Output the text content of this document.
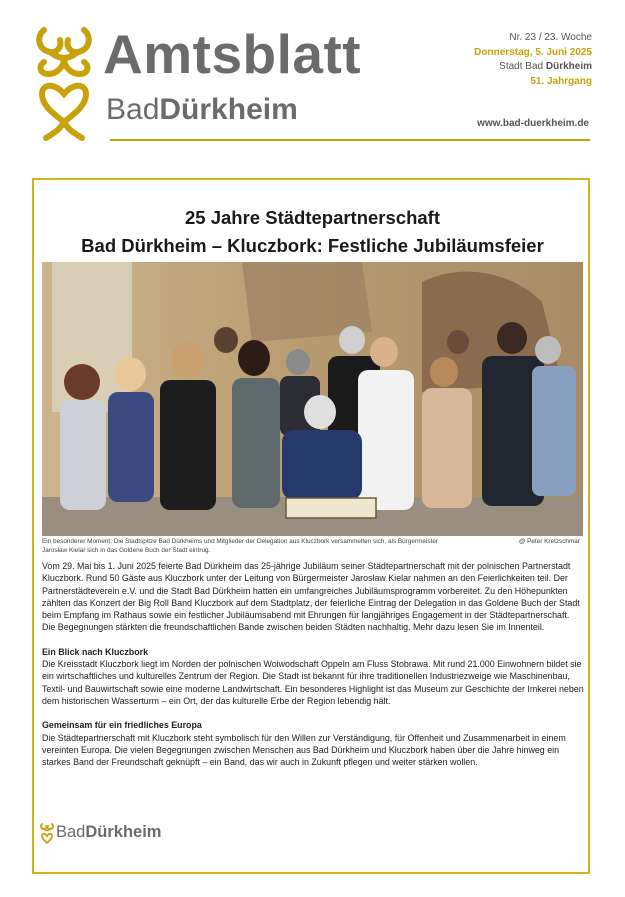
Amtsblatt
BadDürkheim
Nr. 23 / 23. Woche
Donnerstag, 5. Juni 2025
Stadt Bad Dürkheim
51. Jahrgang
www.bad-duerkheim.de
25 Jahre Städtepartnerschaft
Bad Dürkheim – Kluczbork: Festliche Jubiläumsfeier
Ein besonderer Moment: Die Stadtspitze Bad Dürkheims und Mitglieder der Delegation aus Kluczbork versammelten sich, als Bürgermeister Jarosław Kielar sich in das Goldene Buch der Stadt eintrug.
@ Peter Kretzschmar

Vom 29. Mai bis 1. Juni 2025 feierte Bad Dürkheim das 25-jährige Jubiläum seiner Städtepartnerschaft mit der polnischen Partnerstadt Kluczbork. Rund 50 Gäste aus Kluczbork unter der Leitung von Bürgermeister Jarosław Kielar nahmen an den Feierlichkeiten teil. Der Partnerstädteverein e.V. und die Stadt Bad Dürkheim hatten ein umfangreiches Jubiläumsprogramm vorbereitet. Zu den Höhepunkten zählten das Konzert der Big Roll Band Kluczbork auf dem Stadtplatz, der feierliche Eintrag der Delegation in das Goldene Buch der Stadt beim Empfang im Rathaus sowie ein festlicher Jubiläumsabend mit Ehrungen für langjähriges Engagement in der Städtepartnerschaft. Die Begegnungen stärkten die freundschaftlichen Bande zwischen beiden Städten nachhaltig. Mehr dazu lesen Sie im Innenteil.

Ein Blick nach Kluczbork

Die Kreisstadt Kluczbork liegt im Norden der polnischen Woiwodschaft Oppeln am Fluss Stobrawa. Mit rund 21.000 Einwohnern bildet sie ein wirtschaftliches und kulturelles Zentrum der Region. Die Stadt ist bekannt für ihre traditionellen Industriezweige wie Maschinenbau, Textil- und Bauwirtschaft sowie eine moderne Landwirtschaft. Ein besonderes Highlight ist das Museum zur Geschichte der Imkerei neben dem historischen Wasserturm – ein Ort, der das kulturelle Erbe der Region lebendig hält.

Gemeinsam für ein friedliches Europa

Die Städtepartnerschaft mit Kluczbork steht symbolisch für den Willen zur Verständigung, für Offenheit und Zusammenarbeit in einem vereinten Europa. Die vielen Begegnungen zwischen Menschen aus Bad Dürkheim und Kluczbork haben über die Jahre hinweg ein starkes Band der Freundschaft geknüpft – ein Band, das wir auch in Zukunft pflegen und weiter stärken wollen.

BadDürkheim
